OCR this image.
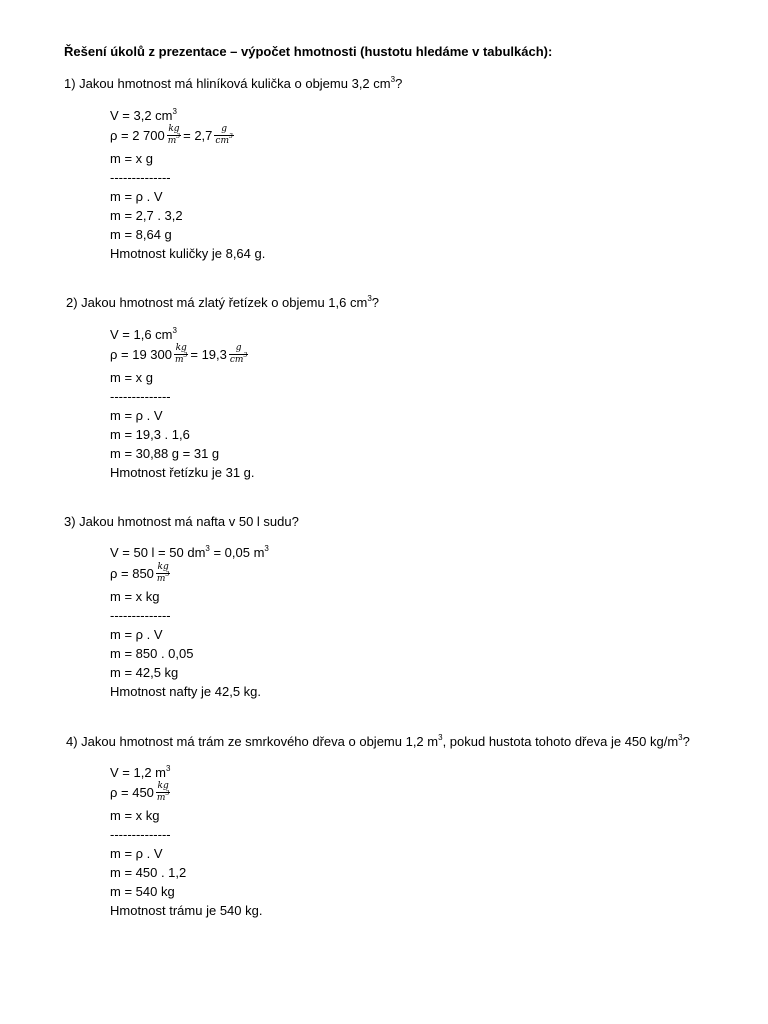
Řešení úkolů z prezentace – výpočet hmotnosti (hustotu hledáme v tabulkách):
1) Jakou hmotnost má hliníková kulička o objemu 3,2 $cm^3$?
V = 3,2 $cm^3$
ρ = 2 $700 \frac{kg}{m^3} = 2,7 \frac{g}{cm^3}$
m = x g
--------------
m = ρ . V
m = 2,7 . 3,2
m = 8,64 g
Hmotnost kuličky je 8,64 g.
2) Jakou hmotnost má zlatý řetízek o objemu 1,6 $cm^3$?
V = 1,6 $cm^3$
ρ = 19 $300 \frac{kg}{m^3} = 19,3 \frac{g}{cm^3}$
m = x g
--------------
m = ρ . V
m = 19,3 . 1,6
m = 30,88 g = 31 g
Hmotnost řetízku je 31 g.
3) Jakou hmotnost má nafta v 50 l sudu?
V = 50 l = 50 $dm^3 = 0,05$ $m^3$
$\rho = 850 \frac{kg}{m^3}$
m = x kg
--------------
m = ρ . V
m = 850 . 0,05
m = 42,5 kg
Hmotnost nafty je 42,5 kg.
4) Jakou hmotnost má trám ze smrkového dřeva o objemu 1,2 $m^3$, pokud hustota tohoto dřeva je 450 $kg/m^3$?
V = 1,2 $m^3$
$\rho = 450 \frac{kg}{m^3}$
m = x kg
--------------
m = ρ . V
m = 450 . 1,2
m = 540 kg
Hmotnost trámu je 540 kg.
